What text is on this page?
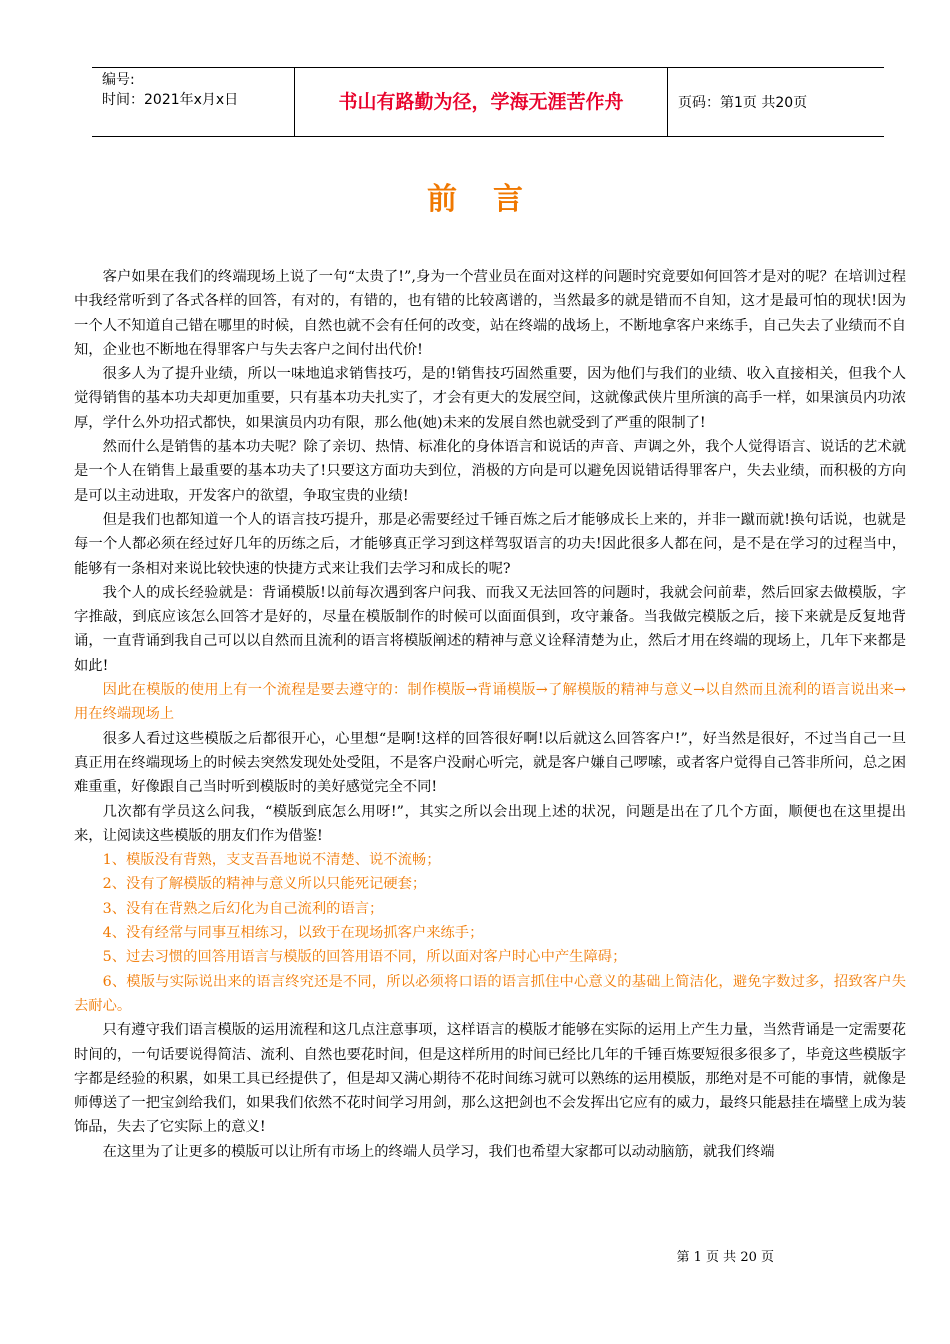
编号:
时间：2021年x月x日	书山有路勤为径，学海无涯苦作舟	页码：第1页 共20页
前言

客户如果在我们的终端现场上说了一句“太贵了!”,身为一个营业员在面对这样的问题时究竟要如何回答才是对的呢？在培训过程中我经常听到了各式各样的回答，有对的，有错的，也有错的比较离谱的，当然最多的就是错而不自知，这才是最可怕的现状!因为一个人不知道自己错在哪里的时候，自然也就不会有任何的改变，站在终端的战场上，不断地拿客户来练手，自己失去了业绩而不自知，企业也不断地在得罪客户与失去客户之间付出代价!

很多人为了提升业绩，所以一味地追求销售技巧，是的!销售技巧固然重要，因为他们与我们的业绩、收入直接相关，但我个人觉得销售的基本功夫却更加重要，只有基本功夫扎实了，才会有更大的发展空间，这就像武侠片里所演的高手一样，如果演员内功浓厚，学什么外功招式都快，如果演员内功有限，那么他(她)未来的发展自然也就受到了严重的限制了!

然而什么是销售的基本功夫呢？除了亲切、热情、标准化的身体语言和说话的声音、声调之外，我个人觉得语言、说话的艺术就是一个人在销售上最重要的基本功夫了!只要这方面功夫到位，消极的方向是可以避免因说错话得罪客户，失去业绩，而积极的方向是可以主动进取，开发客户的欲望，争取宝贵的业绩!

但是我们也都知道一个人的语言技巧提升，那是必需要经过千锤百炼之后才能够成长上来的，并非一蹴而就!换句话说，也就是每一个人都必须在经过好几年的历练之后，才能够真正学习到这样驾驭语言的功夫!因此很多人都在问，是不是在学习的过程当中，能够有一条相对来说比较快速的快捷方式来让我们去学习和成长的呢?

我个人的成长经验就是：背诵模版!以前每次遇到客户问我、而我又无法回答的问题时，我就会问前辈，然后回家去做模版，字字推敲，到底应该怎么回答才是好的，尽量在模版制作的时候可以面面俱到，攻守兼备。当我做完模版之后，接下来就是反复地背诵，一直背诵到我自己可以以自然而且流利的语言将模版阐述的精神与意义诠释清楚为止，然后才用在终端的现场上，几年下来都是如此!

因此在模版的使用上有一个流程是要去遵守的：制作模版→背诵模版→了解模版的精神与意义→以自然而且流利的语言说出来→用在终端现场上

很多人看过这些模版之后都很开心，心里想“是啊!这样的回答很好啊!以后就这么回答客户!”，好当然是很好，不过当自己一旦真正用在终端现场上的时候去突然发现处处受阻，不是客户没耐心听完，就是客户嫌自己啰嗦，或者客户觉得自己答非所问，总之困难重重，好像跟自己当时听到模版时的美好感觉完全不同!

几次都有学员这么问我，“模版到底怎么用呀!”，其实之所以会出现上述的状况，问题是出在了几个方面，顺便也在这里提出来，让阅读这些模版的朋友们作为借鉴!

1、模版没有背熟，支支吾吾地说不清楚、说不流畅；

2、没有了解模版的精神与意义所以只能死记硬套；

3、没有在背熟之后幻化为自己流利的语言；

4、没有经常与同事互相练习，以致于在现场抓客户来练手；

5、过去习惯的回答用语言与模版的回答用语不同，所以面对客户时心中产生障碍；

6、模版与实际说出来的语言终究还是不同，所以必须将口语的语言抓住中心意义的基础上简洁化，避免字数过多，招致客户失去耐心。

只有遵守我们语言模版的运用流程和这几点注意事项，这样语言的模版才能够在实际的运用上产生力量，当然背诵是一定需要花时间的，一句话要说得简洁、流利、自然也要花时间，但是这样所用的时间已经比几年的千锤百炼要短很多很多了，毕竟这些模版字字都是经验的积累，如果工具已经提供了，但是却又满心期待不花时间练习就可以熟练的运用模版，那绝对是不可能的事情，就像是师傅送了一把宝剑给我们，如果我们依然不花时间学习用剑，那么这把剑也不会发挥出它应有的威力，最终只能悬挂在墙壁上成为装饰品，失去了它实际上的意义!

在这里为了让更多的模版可以让所有市场上的终端人员学习，我们也希望大家都可以动动脑筋，就我们终端

第 1 页 共 20 页
